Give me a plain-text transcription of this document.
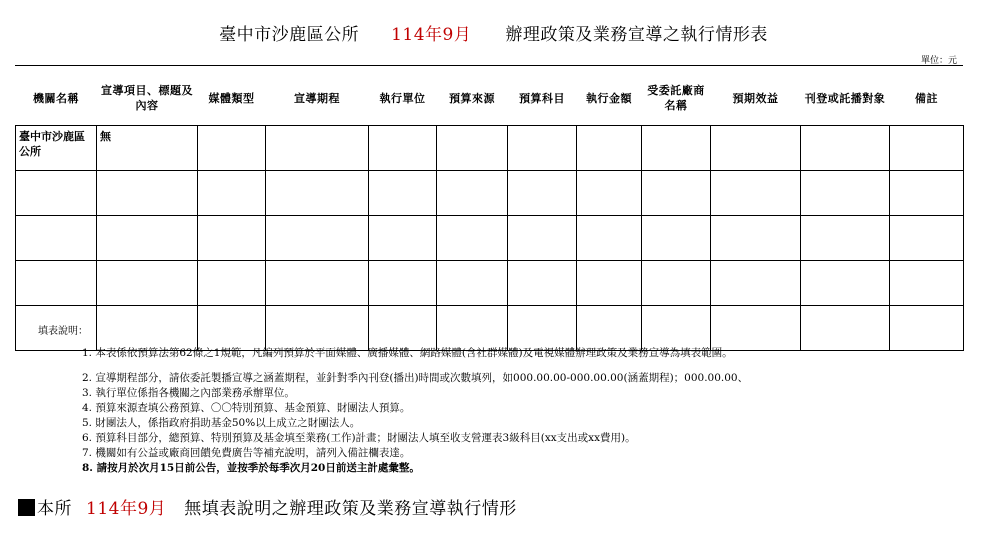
臺中市沙鹿區公所 114年9月 辦理政策及業務宣導之執行情形表
單位：元
機關名稱	宣導項目、標題及內容	媒體類型	宣導期程	執行單位	預算來源	預算科目	執行金額	受委託廠商名稱	預期效益	刊登或託播對象	備註

臺中市沙鹿區公所	無										

填表說明：
1. 本表係依預算法第62條之1規範，凡編列預算於平面媒體、廣播媒體、網路媒體(含社群媒體)及電視媒體辦理政策及業務宣導為填表範圍。
2. 宣導期程部分，請依委託製播宣導之涵蓋期程，並針對季內刊登(播出)時間或次數填列，如000.00.00-000.00.00(涵蓋期程)；000.00.00、
3. 執行單位係指各機關之內部業務承辦單位。
4. 預算來源查填公務預算、〇〇特別預算、基金預算、財團法人預算。
5. 財團法人，係指政府捐助基金50%以上成立之財團法人。
6. 預算科目部分，總預算、特別預算及基金填至業務(工作)計畫；財團法人填至收支營運表3級科目(xx支出或xx費用)。
7. 機關如有公益或廠商回饋免費廣告等補充說明，請列入備註欄表達。
8. 請按月於次月15日前公告，並按季於每季次月20日前送主計處彙整。
本所 114年9月 無填表說明之辦理政策及業務宣導執行情形
